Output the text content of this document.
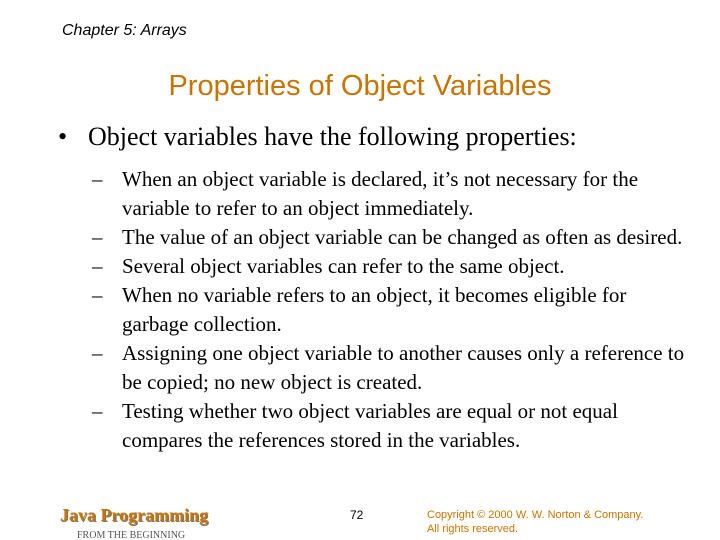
Chapter 5: Arrays
Properties of Object Variables
• Object variables have the following properties:
– When an object variable is declared, it’s not necessary for the variable to refer to an object immediately.
– The value of an object variable can be changed as often as desired.
– Several object variables can refer to the same object.
– When no variable refers to an object, it becomes eligible for garbage collection.
– Assigning one object variable to another causes only a reference to be copied; no new object is created.
– Testing whether two object variables are equal or not equal compares the references stored in the variables.
Java Programming
FROM THE BEGINNING
72	Copyright © 2000 W. W. Norton & Company.
All rights reserved.
